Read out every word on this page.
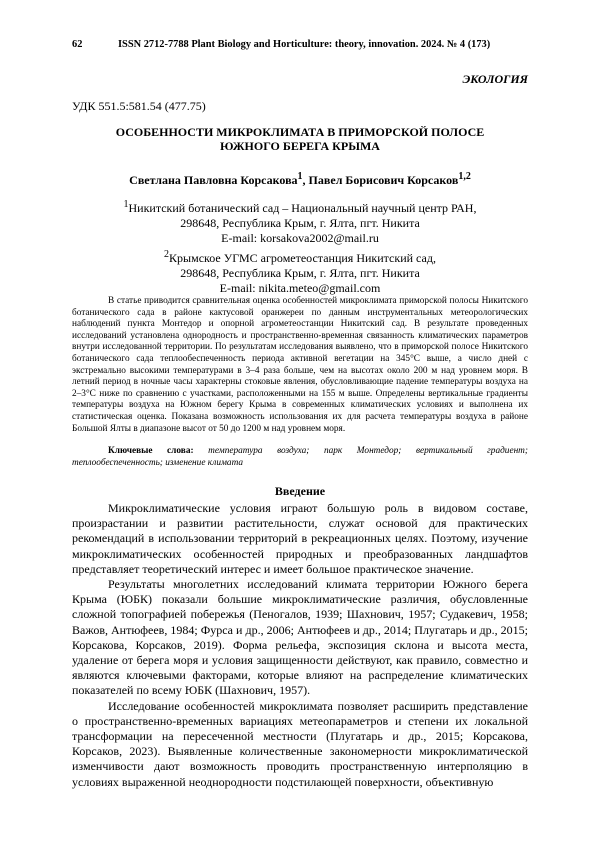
62	ISSN 2712-7788 Plant Biology and Horticulture: theory, innovation. 2024. № 4 (173)
ЭКОЛОГИЯ
УДК 551.5:581.54 (477.75)
ОСОБЕННОСТИ МИКРОКЛИМАТА В ПРИМОРСКОЙ ПОЛОСЕ
ЮЖНОГО БЕРЕГА КРЫМА
Светлана Павловна Корсакова$^1$, Павел Борисович Корсаков$^{1,2}$
$^1$Никитский ботанический сад – Национальный научный центр РАН,
298648, Республика Крым, г. Ялта, пгт. Никита
E-mail: korsakova2002@mail.ru
$^2$Крымское УГМС агрометеостанция Никитский сад,
298648, Республика Крым, г. Ялта, пгт. Никита
E-mail: nikita.meteo@gmail.com

В статье приводится сравнительная оценка особенностей микроклимата приморской полосы Никитского ботанического сада в районе кактусовой оранжереи по данным инструментальных метеорологических наблюдений пункта Монтедор и опорной агрометеостанции Никитский сад. В результате проведенных исследований установлена однородность и пространственно-временная связанность климатических параметров внутри исследованной территории. По результатам исследования выявлено, что в приморской полосе Никитского ботанического сада теплообеспеченность периода активной вегетации на 345°С выше, а число дней с экстремально высокими температурами в 3–4 раза больше, чем на высотах около 200 м над уровнем моря. В летний период в ночные часы характерны стоковые явления, обусловливающие падение температуры воздуха на 2–3°С ниже по сравнению с участками, расположенными на 155 м выше. Определены вертикальные градиенты температуры воздуха на Южном берегу Крыма в современных климатических условиях и выполнена их статистическая оценка. Показана возможность использования их для расчета температуры воздуха в районе Большой Ялты в диапазоне высот от 50 до 1200 м над уровнем моря.

Ключевые слова: температура воздуха; парк Монтедор; вертикальный градиент; теплообеспеченность; изменение климата

Введение

Микроклиматические условия играют большую роль в видовом составе, произрастании и развитии растительности, служат основой для практических рекомендаций в использовании территорий в рекреационных целях. Поэтому, изучение микроклиматических особенностей природных и преобразованных ландшафтов представляет теоретический интерес и имеет большое практическое значение.

Результаты многолетних исследований климата территории Южного берега Крыма (ЮБК) показали большие микроклиматические различия, обусловленные сложной топографией побережья (Пеногалов, 1939; Шахнович, 1957; Судакевич, 1958; Важов, Антюфеев, 1984; Фурса и др., 2006; Антюфеев и др., 2014; Плугатарь и др., 2015; Корсакова, Корсаков, 2019). Форма рельефа, экспозиция склона и высота места, удаление от берега моря и условия защищенности действуют, как правило, совместно и являются ключевыми факторами, которые влияют на распределение климатических показателей по всему ЮБК (Шахнович, 1957).

Исследование особенностей микроклимата позволяет расширить представление о пространственно-временных вариациях метеопараметров и степени их локальной трансформации на пересеченной местности (Плугатарь и др., 2015; Корсакова, Корсаков, 2023). Выявленные количественные закономерности микроклиматической изменчивости дают возможность проводить пространственную интерполяцию в условиях выраженной неоднородности подстилающей поверхности, объективную
